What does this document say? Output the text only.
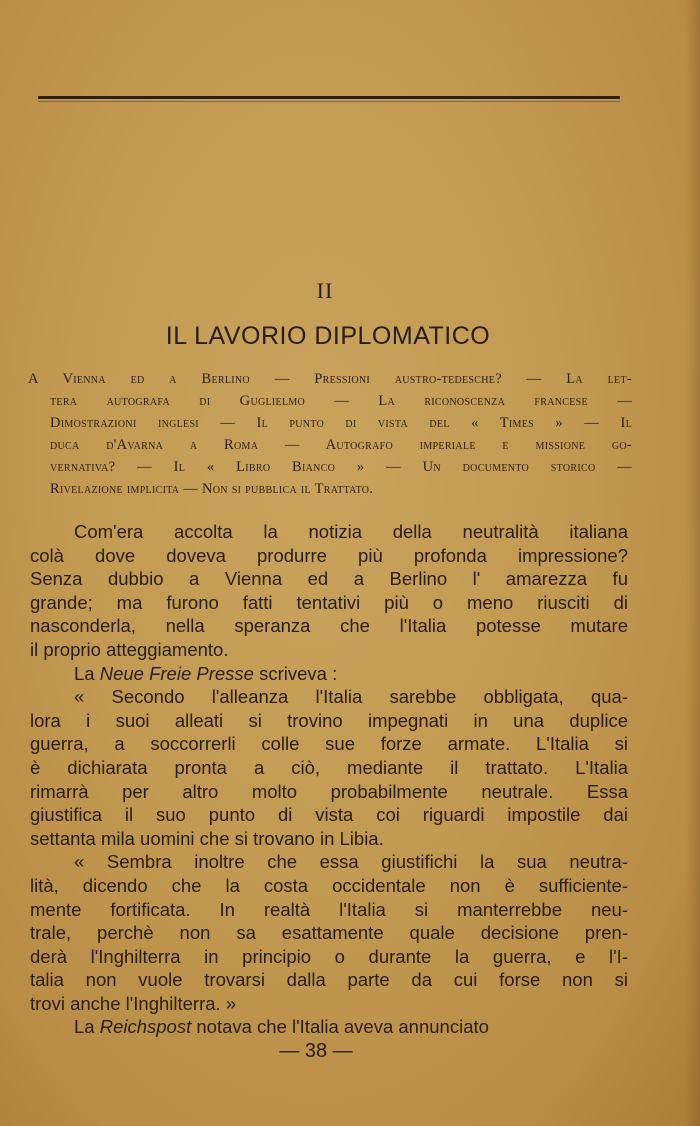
II
IL LAVORIO DIPLOMATICO
A Vienna ed a Berlino — Pressioni austro-tedesche? — La let-
tera autografa di Guglielmo — La riconoscenza francese —
Dimostrazioni inglesi — Il punto di vista del « Times » — Il
duca d'Avarna a Roma — Autografo imperiale e missione go-
vernativa? — Il « Libro Bianco » — Un documento storico —
Rivelazione implicita — Non si pubblica il Trattato.

Com'era accolta la notizia della neutralità italiana
colà dove doveva produrre più profonda impressione?
Senza dubbio a Vienna ed a Berlino l' amarezza fu
grande; ma furono fatti tentativi più o meno riusciti di
nasconderla, nella speranza che l'Italia potesse mutare
il proprio atteggiamento.

La Neue Freie Presse scriveva :

« Secondo l'alleanza l'Italia sarebbe obbligata, qua-
lora i suoi alleati si trovino impegnati in una duplice
guerra, a soccorrerli colle sue forze armate. L'Italia si
è dichiarata pronta a ciò, mediante il trattato. L'Italia
rimarrà per altro molto probabilmente neutrale. Essa
giustifica il suo punto di vista coi riguardi impostile dai
settanta mila uomini che si trovano in Libia.

« Sembra inoltre che essa giustifichi la sua neutra-
lità, dicendo che la costa occidentale non è sufficiente-
mente fortificata. In realtà l'Italia si manterrebbe neu-
trale, perchè non sa esattamente quale decisione pren-
derà l'Inghilterra in principio o durante la guerra, e l'I-
talia non vuole trovarsi dalla parte da cui forse non si
trovi anche l'Inghilterra. »

La Reichspost notava che l'Italia aveva annunciato

— 38 —
